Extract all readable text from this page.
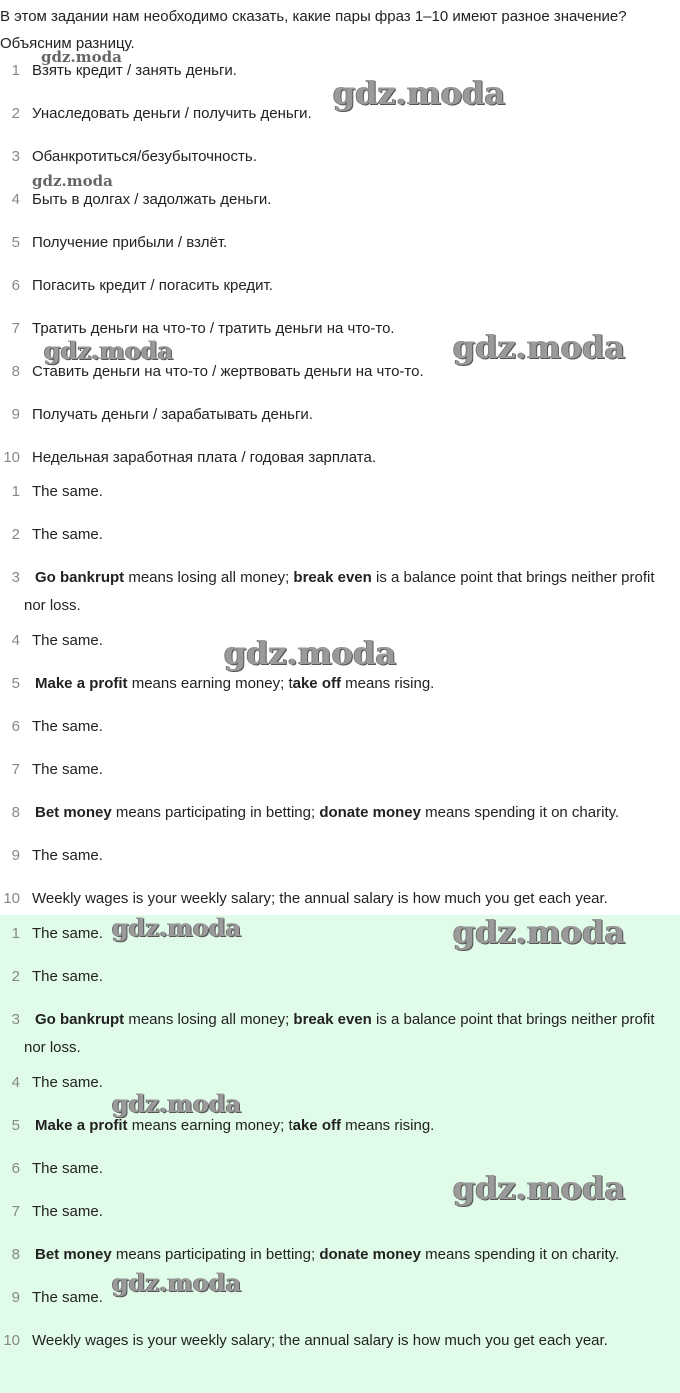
В этом задании нам необходимо сказать, какие пары фраз 1–10 имеют разное значение? Объясним разницу.
1 Взять кредит / занять деньги.
2 Унаследовать деньги / получить деньги.
3 Обанкротиться/безубыточность.
4 Быть в долгах / задолжать деньги.
5 Получение прибыли / взлёт.
6 Погасить кредит / погасить кредит.
7 Тратить деньги на что-то / тратить деньги на что-то.
8 Ставить деньги на что-то / жертвовать деньги на что-то.
9 Получать деньги / зарабатывать деньги.
10 Недельная заработная плата / годовая зарплата.
1 The same.
2 The same.
3	Go bankrupt means losing all money; break even is a balance point that brings neither profit nor loss.
4 The same.
5 Make a profit means earning money; take off means rising.
6 The same.
7 The same.
8 Bet money means participating in betting; donate money means spending it on charity.
9 The same.
10 Weekly wages is your weekly salary; the annual salary is how much you get each year.
1 The same.
2 The same.
3	Go bankrupt means losing all money; break even is a balance point that brings neither profit nor loss.
4 The same.
5 Make a profit means earning money; take off means rising.
6 The same.
7 The same.
8 Bet money means participating in betting; donate money means spending it on charity.
9 The same.
10 Weekly wages is your weekly salary; the annual salary is how much you get each year.
gdz.moda
gdz.moda
gdz.moda
gdz.moda	gdz.moda
gdz.moda
gdz.moda	gdz.moda
gdz.moda
gdz.moda
gdz.moda
